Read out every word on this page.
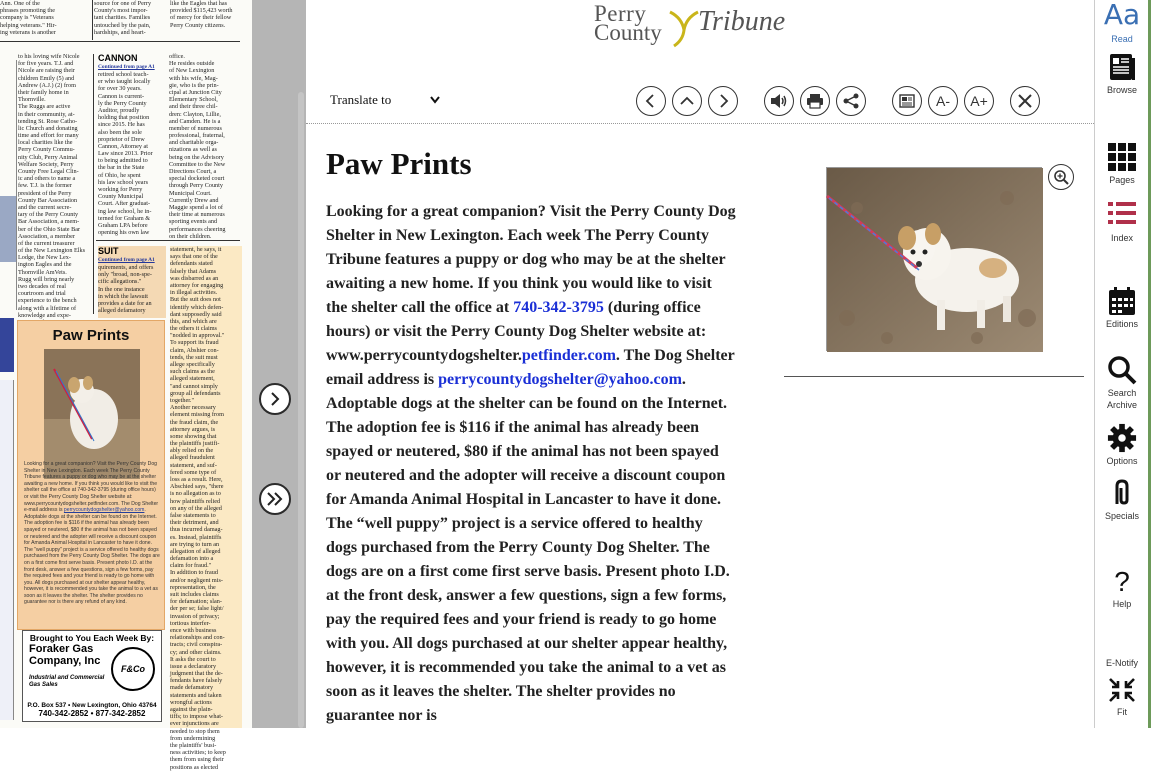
Ann. One of the
phrases promoting the
company is "Veterans
helping veterans." Hir-
ing veterans is another
source for one of Perry
County's most impor-
tant charities. Families
untouched by the pain,
hardships, and heart-
like the Eagles that has
provided $115,423 worth
of mercy for their fellow
Perry County citizens.
to his loving wife Nicole
for five years. T.J. and
Nicole are raising their
children Emily (5) and
Andrew (A.J.) (2) from
their family home in
Thornville.
The Ruggs are active
in their community, at-
tending St. Rose Catho-
lic Church and donating
time and effort for many
local charities like the
Perry County Commu-
nity Club, Perry Animal
Welfare Society, Perry
County Free Legal Clin-
ic and others to name a
few. T.J. is the former
president of the Perry
County Bar Association
and the current secre-
tary of the Perry County
Bar Association, a mem-
ber of the Ohio State Bar
Association, a member
of the current treasurer
of the New Lexington Elks
Lodge, the New Lex-
ington Eagles and the
Thornville AmVets.
Rugg will bring nearly
two decades of real
courtroom and trial
experience to the bench
along with a lifetime of
knowledge and expe-
CANNON
Continued from page A1
retired school teach-
er who taught locally
for over 30 years.
Cannon is current-
ly the Perry County
Auditor, proudly
holding that position
since 2015. He has
also been the sole
proprietor of Drew
Cannon, Attorney at
Law since 2013. Prior
to being admitted to
the bar in the State
of Ohio, he spent
his law school years
working for Perry
County Municipal
Court. After graduat-
ing law school, he in-
terned for Graham &
Graham LPA before
opening his own law
office.
He resides outside
of New Lexington
with his wife, Mag-
gie, who is the prin-
cipal at Junction City
Elementary School,
and their three chil-
dren: Clayton, Lillie,
and Camden. He is a
member of numerous
professional, fraternal,
and charitable orga-
nizations as well as
being on the Advisory
Committee to the New
Directions Court, a
special docketed court
through Perry County
Municipal Court.
Currently Drew and
Maggie spend a lot of
their time at numerous
sporting events and
performances cheering
on their children.
SUIT
Continued from page A1
quirements, and offers
only "broad, non-spe-
cific allegations."
In the one instance
in which the lawsuit
provides a date for an
alleged defamatory
statement, he says, it
says that one of the
defendants stated
falsely that Adams
was disbarred as an
attorney for engaging
in illegal activities.
But the suit does not
identify which defen-
dant supposedly said
this, and which are
the others it claims
"nodded in approval."
To support its fraud
claim, Abshier con-
tends, the suit must
allege specifically
such claims as the
alleged statement,
"and cannot simply
group all defendants
together."
Another necessary
element missing from
the fraud claim, the
attorney argues, is
some showing that
the plaintiffs justifi-
ably relied on the
alleged fraudulent
statement, and suf-
fered some type of
loss as a result. Here,
Abschied says, "there
is no allegation as to
how plaintiffs relied
on any of the alleged
false statements to
their detriment, and
thus incurred damag-
es. Instead, plaintiffs
are trying to turn an
allegation of alleged
defamation into a
claim for fraud."
In addition to fraud
and/or negligent mis-
representation, the
suit includes claims
for defamation; slan-
der per se; false light/
invasion of privacy;
tortious interfer-
ence with business
relationships and con-
tracts; civil conspira-
cy; and other claims.
It asks the court to
issue a declaratory
judgment that the de-
fendants have falsely
made defamatory
statements and taken
wrongful actions
against the plain-
tiffs; to impose what-
ever injunctions are
needed to stop them
from undermining
the plaintiffs' busi-
ness activities; to keep
them from using their
positions as elected
Paw Prints
Looking for a great companion? Visit the Perry County Dog Shelter in New Lexington. Each week The Perry County Tribune features a puppy or dog who may be at the shelter awaiting a new home. If you think you would like to visit the shelter call the office at 740-342-3795 (during office hours) or visit the Perry County Dog Shelter website at: www.perrycountydogshelter.petfinder.com. The Dog Shelter e-mail address is perrycountydogshelter@yahoo.com. Adoptable dogs at the shelter can be found on the Internet. The adoption fee is $116 if the animal has already been spayed or neutered, $80 if the animal has not been spayed or neutered and the adopter will receive a discount coupon for Amanda Animal Hospital in Lancaster to have it done. The "well puppy" project is a service offered to healthy dogs purchased from the Perry County Dog Shelter. The dogs are on a first come first serve basis. Present photo I.D. at the front desk, answer a few questions, sign a few forms, pay the required fees and your friend is ready to go home with you. All dogs purchased at our shelter appear healthy, however, it is recommended you take the animal to a vet as soon as it leaves the shelter. The shelter provides no guarantee nor is there any refund of any kind.
Brought to You Each Week By:
Foraker Gas
Company, Inc
Industrial and Commercial
Gas Sales
F&Co
P.O. Box 537 • New Lexington, Ohio 43764
740-342-2852 • 877-342-2852
Perry
County Tribune
Translate to	A- A+
Paw Prints
Looking for a great companion? Visit the Perry County Dog Shelter in New Lexington. Each week The Perry County Tribune features a puppy or dog who may be at the shelter awaiting a new home. If you think you would like to visit the shelter call the office at 740-342-3795 (during office hours) or visit the Perry County Dog Shelter website at: www.perrycountydogshelter.petfinder.com. The Dog Shelter email address is perrycountydogshelter@yahoo.com. Adoptable dogs at the shelter can be found on the Internet. The adoption fee is $116 if the animal has already been spayed or neutered, $80 if the animal has not been spayed or neutered and the adopter will receive a discount coupon for Amanda Animal Hospital in Lancaster to have it done. The “well puppy” project is a service offered to healthy dogs purchased from the Perry County Dog Shelter. The dogs are on a first come first serve basis. Present photo I.D. at the front desk, answer a few questions, sign a few forms, pay the required fees and your friend is ready to go home with you. All dogs purchased at our shelter appear healthy, however, it is recommended you take the animal to a vet as soon as it leaves the shelter. The shelter provides no guarantee nor is
Aa
Read
Browse
Pages
Index
Editions
Search
Archive
Options
Specials
?
Help
E-Notify
Fit
